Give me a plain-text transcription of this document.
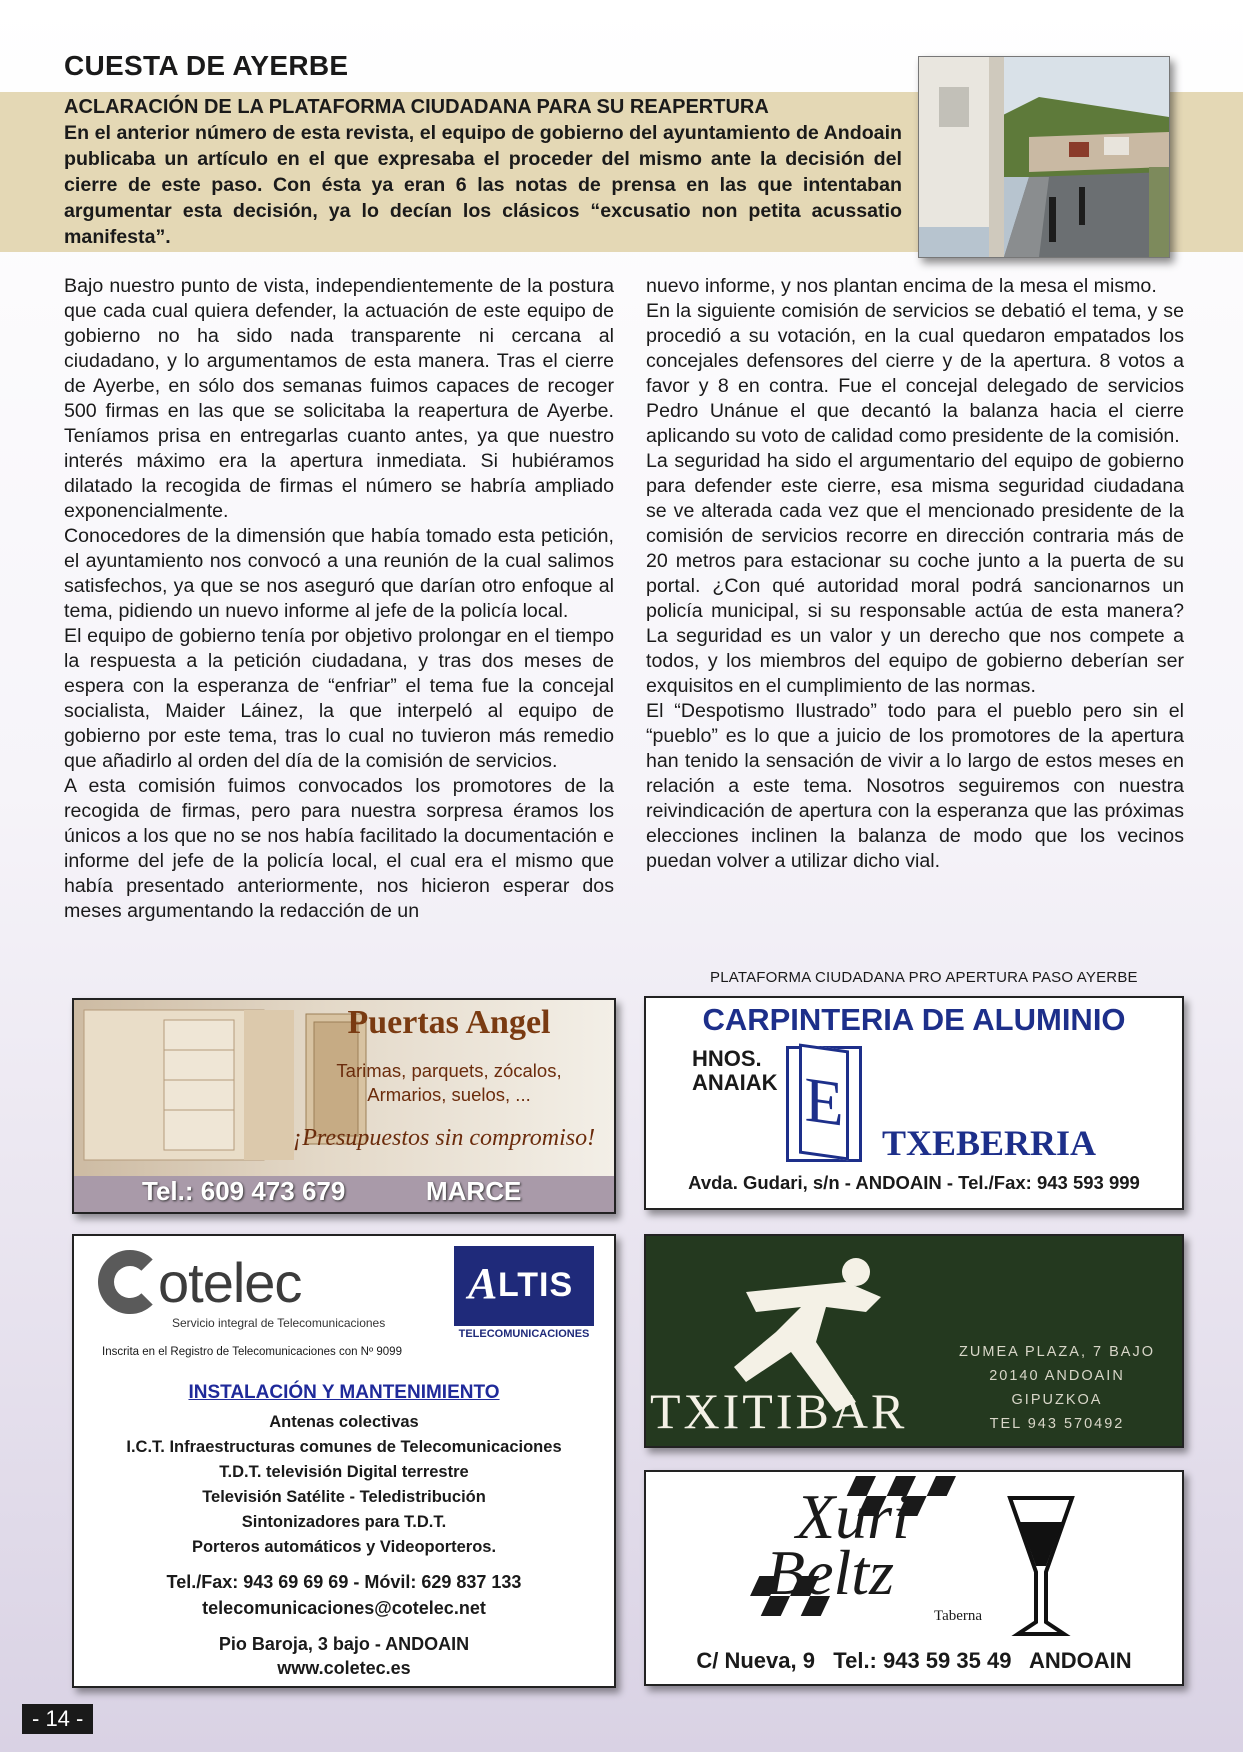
CUESTA DE AYERBE
ACLARACIÓN DE LA PLATAFORMA CIUDADANA PARA SU REAPERTURA
En el anterior número de esta revista, el equipo de gobierno del ayuntamiento de Andoain publicaba un artículo en el que expresaba el proceder del mismo ante la decisión del cierre de este paso. Con ésta ya eran 6 las notas de prensa en las que intentaban argumentar esta decisión, ya lo decían los clásicos “excusatio non petita acussatio manifesta”.

Bajo nuestro punto de vista, independientemente de la postura que cada cual quiera defender, la actuación de este equipo de gobierno no ha sido nada transparente ni cercana al ciudadano, y lo argumentamos de esta manera. Tras el cierre de Ayerbe, en sólo dos semanas fuimos capaces de recoger 500 firmas en las que se solicitaba la reapertura de Ayerbe. Teníamos prisa en entregarlas cuanto antes, ya que nuestro interés máximo era la apertura inmediata. Si hubiéramos dilatado la recogida de firmas el número se habría ampliado exponencialmente.

Conocedores de la dimensión que había tomado esta petición, el ayuntamiento nos convocó a una reunión de la cual salimos satisfechos, ya que se nos aseguró que darían otro enfoque al tema, pidiendo un nuevo informe al jefe de la policía local.

El equipo de gobierno tenía por objetivo prolongar en el tiempo la respuesta a la petición ciudadana, y tras dos meses de espera con la esperanza de “enfriar” el tema fue la concejal socialista, Maider Láinez, la que interpeló al equipo de gobierno por este tema, tras lo cual no tuvieron más remedio que añadirlo al orden del día de la comisión de servicios.

A esta comisión fuimos convocados los promotores de la recogida de firmas, pero para nuestra sorpresa éramos los únicos a los que no se nos había facilitado la documentación e informe del jefe de la policía local, el cual era el mismo que había presentado anteriormente, nos hicieron esperar dos meses argumentando la redacción de un

nuevo informe, y nos plantan encima de la mesa el mismo.

En la siguiente comisión de servicios se debatió el tema, y se procedió a su votación, en la cual quedaron empatados los concejales defensores del cierre y de la apertura. 8 votos a favor y 8 en contra. Fue el concejal delegado de servicios Pedro Unánue el que decantó la balanza hacia el cierre aplicando su voto de calidad como presidente de la comisión.

La seguridad ha sido el argumentario del equipo de gobierno para defender este cierre, esa misma seguridad ciudadana se ve alterada cada vez que el mencionado presidente de la comisión de servicios recorre en dirección contraria más de 20 metros para estacionar su coche junto a la puerta de su portal. ¿Con qué autoridad moral podrá sancionarnos un policía municipal, si su responsable actúa de esta manera? La seguridad es un valor y un derecho que nos compete a todos, y los miembros del equipo de gobierno deberían ser exquisitos en el cumplimiento de las normas.

El “Despotismo Ilustrado” todo para el pueblo pero sin el “pueblo” es lo que a juicio de los promotores de la apertura han tenido la sensación de vivir a lo largo de estos meses en relación a este tema. Nosotros seguiremos con nuestra reivindicación de apertura con la esperanza que las próximas elecciones inclinen la balanza de modo que los vecinos puedan volver a utilizar dicho vial.

PLATAFORMA CIUDADANA PRO APERTURA PASO AYERBE
Puertas Angel
Tarimas, parquets, zócalos,
Armarios, suelos, ...
¡Presupuestos sin compromiso!
Tel.: 609 473 679	MARCE
CARPINTERIA DE ALUMINIO
HNOS.
ANAIAK E
TXEBERRIA
Avda. Gudari, s/n - ANDOAIN - Tel./Fax: 943 593 999
otelec
Servicio integral de Telecomunicaciones
A LTIS
TELECOMUNICACIONES
Inscrita en el Registro de Telecomunicaciones con Nº 9099
INSTALACIÓN Y MANTENIMIENTO
Antenas colectivas
I.C.T. Infraestructuras comunes de Telecomunicaciones
T.D.T. televisión Digital terrestre
Televisión Satélite - Teledistribución
Sintonizadores para T.D.T.
Porteros automáticos y Videoporteros.
Tel./Fax: 943 69 69 69 - Móvil: 629 837 133
telecomunicaciones@cotelec.net
Pio Baroja, 3 bajo - ANDOAIN
www.coletec.es
TXITIBAR
ZUMEA PLAZA, 7 BAJO
20140 ANDOAIN
GIPUZKOA
TEL 943 570492
Xuri
Beltz
Taberna
C/ Nueva, 9   Tel.: 943 59 35 49   ANDOAIN
- 14 -
